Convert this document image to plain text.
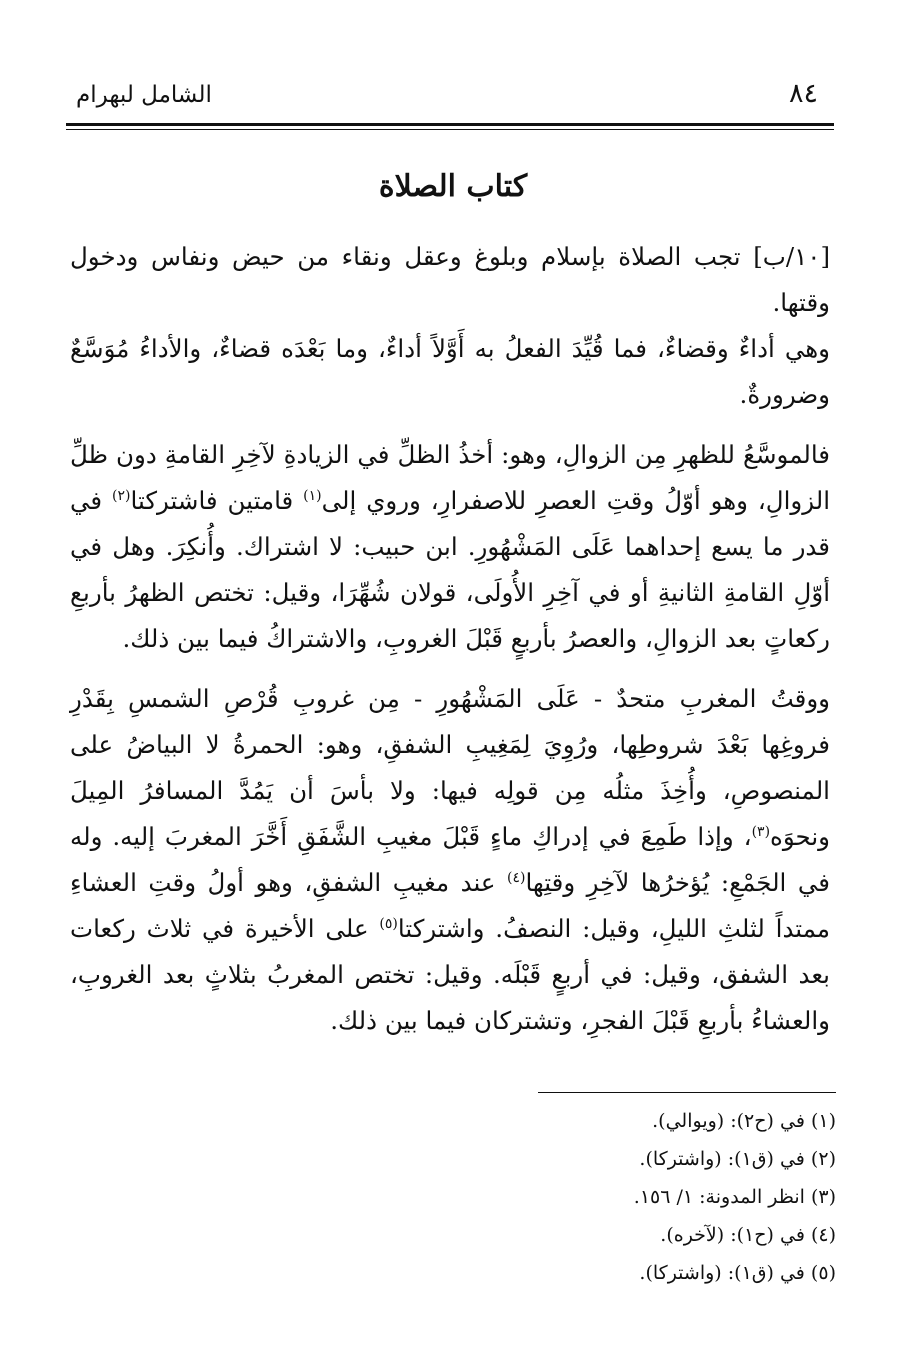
٨٤
الشامل لبهرام
كتاب الصلاة

[١٠/ب] تجب الصلاة بإسلام وبلوغ وعقل ونقاء من حيض ونفاس ودخول وقتها.

وهي أداءٌ وقضاءٌ، فما قُيِّدَ الفعلُ به أَوَّلاً أداءٌ، وما بَعْدَه قضاءٌ، والأداءُ مُوَسَّعٌ وضرورةٌ.

فالموسَّعُ للظهرِ مِن الزوالِ، وهو: أخذُ الظلِّ في الزيادةِ لآخِرِ القامةِ دون ظلِّ الزوالِ، وهو أوّلُ وقتِ العصرِ للاصفرارِ، وروي إلى$^{(١)}$ قامتين فاشتركتا$^{(٢)}$ في قدر ما يسع إحداهما عَلَى المَشْهُورِ. ابن حبيب: لا اشتراك. وأُنكِرَ. وهل في أوّلِ القامةِ الثانيةِ أو في آخِرِ الأُولَى، قولان شُهِّرَا، وقيل: تختص الظهرُ بأربعِ ركعاتٍ بعد الزوالِ، والعصرُ بأربعٍ قَبْلَ الغروبِ، والاشتراكُ فيما بين ذلك.

ووقتُ المغربِ متحدٌ - عَلَى المَشْهُورِ - مِن غروبِ قُرْصِ الشمسِ بِقَدْرِ فروغِها بَعْدَ شروطِها، ورُوِيَ لِمَغِيبِ الشفقِ، وهو: الحمرةُ لا البياضُ على المنصوصِ، وأُخِذَ مثلُه مِن قولِه فيها: ولا بأسَ أن يَمُدَّ المسافرُ المِيلَ ونحوَه$^{(٣)}$، وإذا طَمِعَ في إدراكِ ماءٍ قَبْلَ مغيبِ الشَّفَقِ أَخَّرَ المغربَ إليه. وله في الجَمْعِ: يُؤخرُها لآخِرِ وقتِها$^{(٤)}$ عند مغيبِ الشفقِ، وهو أولُ وقتِ العشاءِ ممتداً لثلثِ الليلِ، وقيل: النصفُ. واشتركتا$^{(٥)}$ على الأخيرة في ثلاث ركعات بعد الشفق، وقيل: في أربعٍ قَبْلَه. وقيل: تختص المغربُ بثلاثٍ بعد الغروبِ، والعشاءُ بأربعِ قَبْلَ الفجرِ، وتشتركان فيما بين ذلك.

(١) في (ح٢): (ويوالي).
(٢) في (ق١): (واشتركا).
(٣) انظر المدونة: ١/ ١٥٦.
(٤) في (ح١): (لآخره).
(٥) في (ق١): (واشتركا).
